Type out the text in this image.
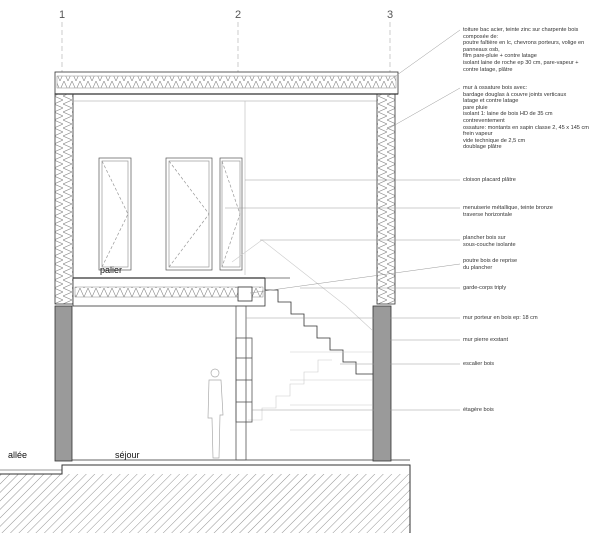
1	2	3
palier
allée	séjour
toiture bac acier, teinte zinc sur charpente bois
composée de:
poutre faîtière en lc, chevrons porteurs, volige en
panneaux osb,
film pare-pluie + contre latage
isolant laine de roche ep 30 cm, pare-vapeur +
contre latage, plâtre
mur à ossature bois avec:
bardage douglas à couvre joints verticaux
latage et contre latage
pare pluie
isolant 1: laine de bois HD de 35 cm
contreventement
ossature: montants en sapin classe 2, 45 x 145 cm
frein vapeur
vide technique de 2,5 cm
doublage plâtre
cloison placard plâtre
menuiserie métallique, teinte bronze
traverse horizontale
plancher bois sur
sous-couche isolante
poutre bois de reprise
du plancher
garde-corps triply
mur porteur en bois ep: 18 cm
mur pierre exstant
escalier bois
étagère bois
